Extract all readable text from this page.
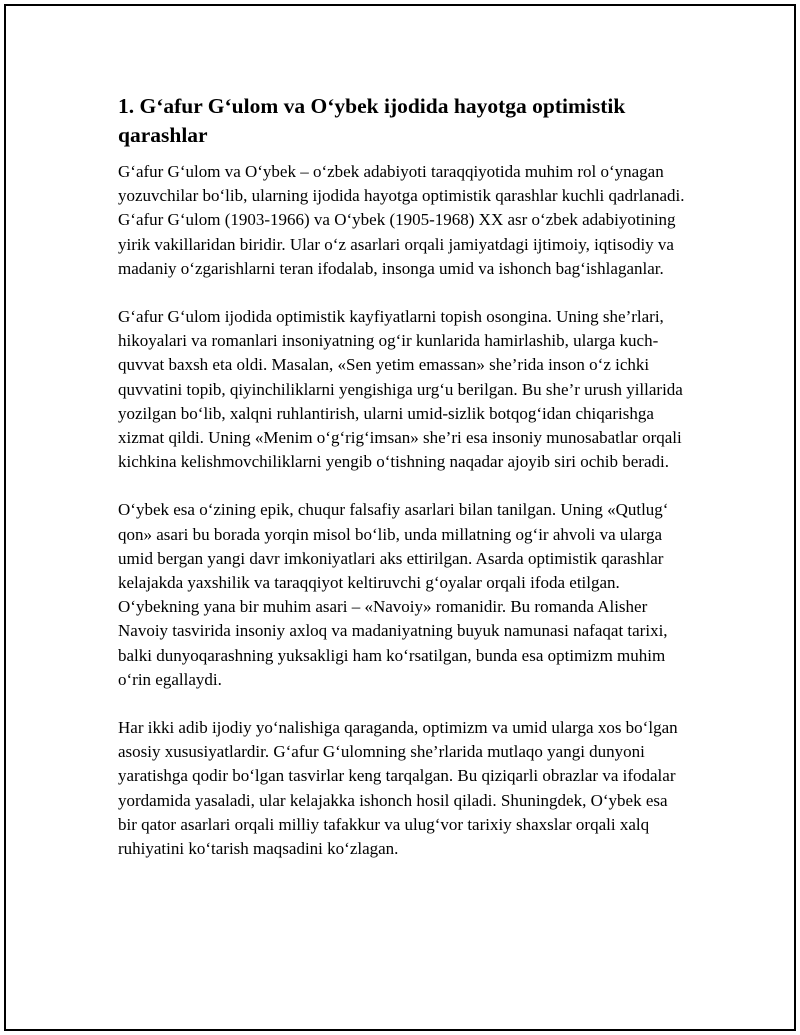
1. G‘afur G‘ulom va O‘ybek ijodida hayotga optimistik qarashlar

G‘afur G‘ulom va O‘ybek – o‘zbek adabiyoti taraqqiyotida muhim rol o‘ynagan yozuvchilar bo‘lib, ularning ijodida hayotga optimistik qarashlar kuchli qadrlanadi. G‘afur G‘ulom (1903-1966) va O‘ybek (1905-1968) XX asr o‘zbek adabiyotining yirik vakillaridan biridir. Ular o‘z asarlari orqali jamiyatdagi ijtimoiy, iqtisodiy va madaniy o‘zgarishlarni teran ifodalab, insonga umid va ishonch bag‘ishlaganlar.

G‘afur G‘ulom ijodida optimistik kayfiyatlarni topish osongina. Uning she’rlari, hikoyalari va romanlari insoniyatning og‘ir kunlarida hamirlashib, ularga kuch-quvvat baxsh eta oldi. Masalan, «Sen yetim emassan» she’rida inson o‘z ichki quvvatini topib, qiyinchiliklarni yengishiga urg‘u berilgan. Bu she’r urush yillarida yozilgan bo‘lib, xalqni ruhlantirish, ularni umid-sizlik botqog‘idan chiqarishga xizmat qildi. Uning «Menim o‘g‘rig‘imsan» she’ri esa insoniy munosabatlar orqali kichkina kelishmovchiliklarni yengib o‘tishning naqadar ajoyib siri ochib beradi.

O‘ybek esa o‘zining epik, chuqur falsafiy asarlari bilan tanilgan. Uning «Qutlug‘ qon» asari bu borada yorqin misol bo‘lib, unda millatning og‘ir ahvoli va ularga umid bergan yangi davr imkoniyatlari aks ettirilgan. Asarda optimistik qarashlar kelajakda yaxshilik va taraqqiyot keltiruvchi g‘oyalar orqali ifoda etilgan. O‘ybekning yana bir muhim asari – «Navoiy» romanidir. Bu romanda Alisher Navoiy tasvirida insoniy axloq va madaniyatning buyuk namunasi nafaqat tarixi, balki dunyoqarashning yuksakligi ham ko‘rsatilgan, bunda esa optimizm muhim o‘rin egallaydi.

Har ikki adib ijodiy yo‘nalishiga qaraganda, optimizm va umid ularga xos bo‘lgan asosiy xususiyatlardir. G‘afur G‘ulomning she’rlarida mutlaqo yangi dunyoni yaratishga qodir bo‘lgan tasvirlar keng tarqalgan. Bu qiziqarli obrazlar va ifodalar yordamida yasaladi, ular kelajakka ishonch hosil qiladi. Shuningdek, O‘ybek esa bir qator asarlari orqali milliy tafakkur va ulug‘vor tarixiy shaxslar orqali xalq ruhiyatini ko‘tarish maqsadini ko‘zlagan.
